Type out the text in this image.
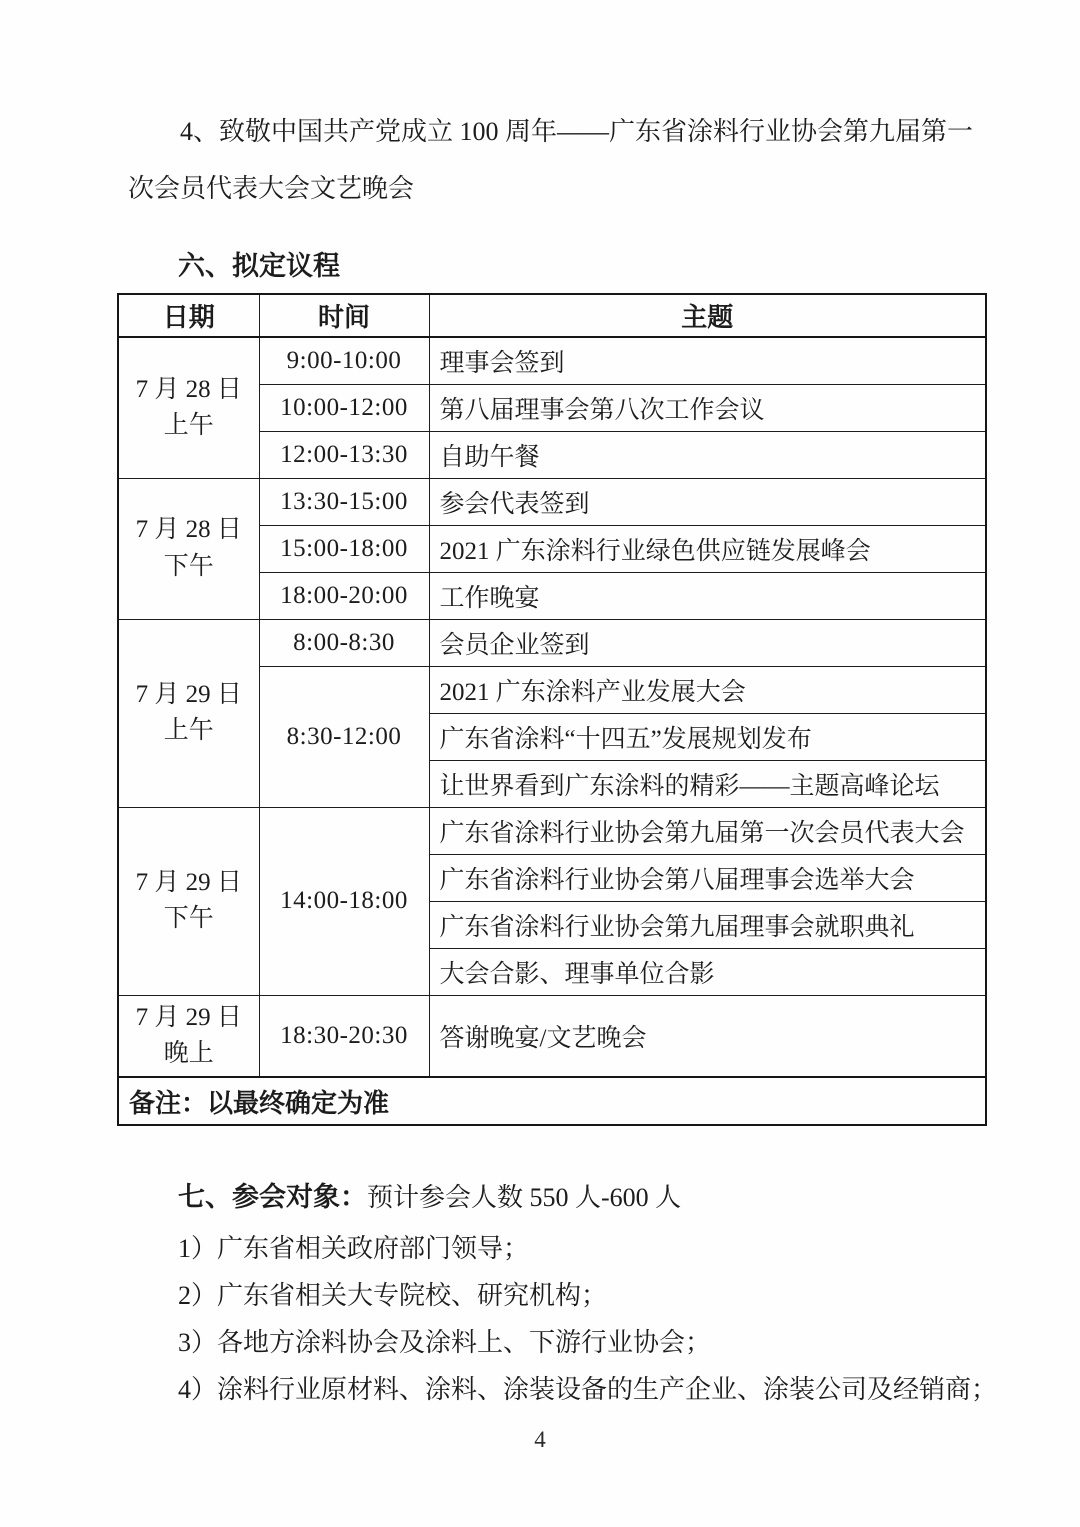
4、致敬中国共产党成立 100 周年——广东省涂料行业协会第九届第一
次会员代表大会文艺晚会
六、拟定议程
日期	时间	主题

7 月 28 日
上午	9:00-10:00	理事会签到
	10:00-12:00	第八届理事会第八次工作会议
	12:00-13:30	自助午餐

7 月 28 日
下午	13:30-15:00	参会代表签到
	15:00-18:00	2021 广东涂料行业绿色供应链发展峰会
	18:00-20:00	工作晚宴

7 月 29 日
上午	8:00-8:30	会员企业签到
	8:30-12:00	2021 广东涂料产业发展大会
		广东省涂料“十四五”发展规划发布
		让世界看到广东涂料的精彩——主题高峰论坛

7 月 29 日
下午	14:00-18:00	广东省涂料行业协会第九届第一次会员代表大会
		广东省涂料行业协会第八届理事会选举大会
		广东省涂料行业协会第九届理事会就职典礼
		大会合影、理事单位合影

7 月 29 日
晚上	18:30-20:30	答谢晚宴/文艺晚会
备注：以最终确定为准		
七、参会对象：预计参会人数 550 人-600 人
1）广东省相关政府部门领导；
2）广东省相关大专院校、研究机构；
3）各地方涂料协会及涂料上、下游行业协会；
4）涂料行业原材料、涂料、涂装设备的生产企业、涂装公司及经销商；
4
